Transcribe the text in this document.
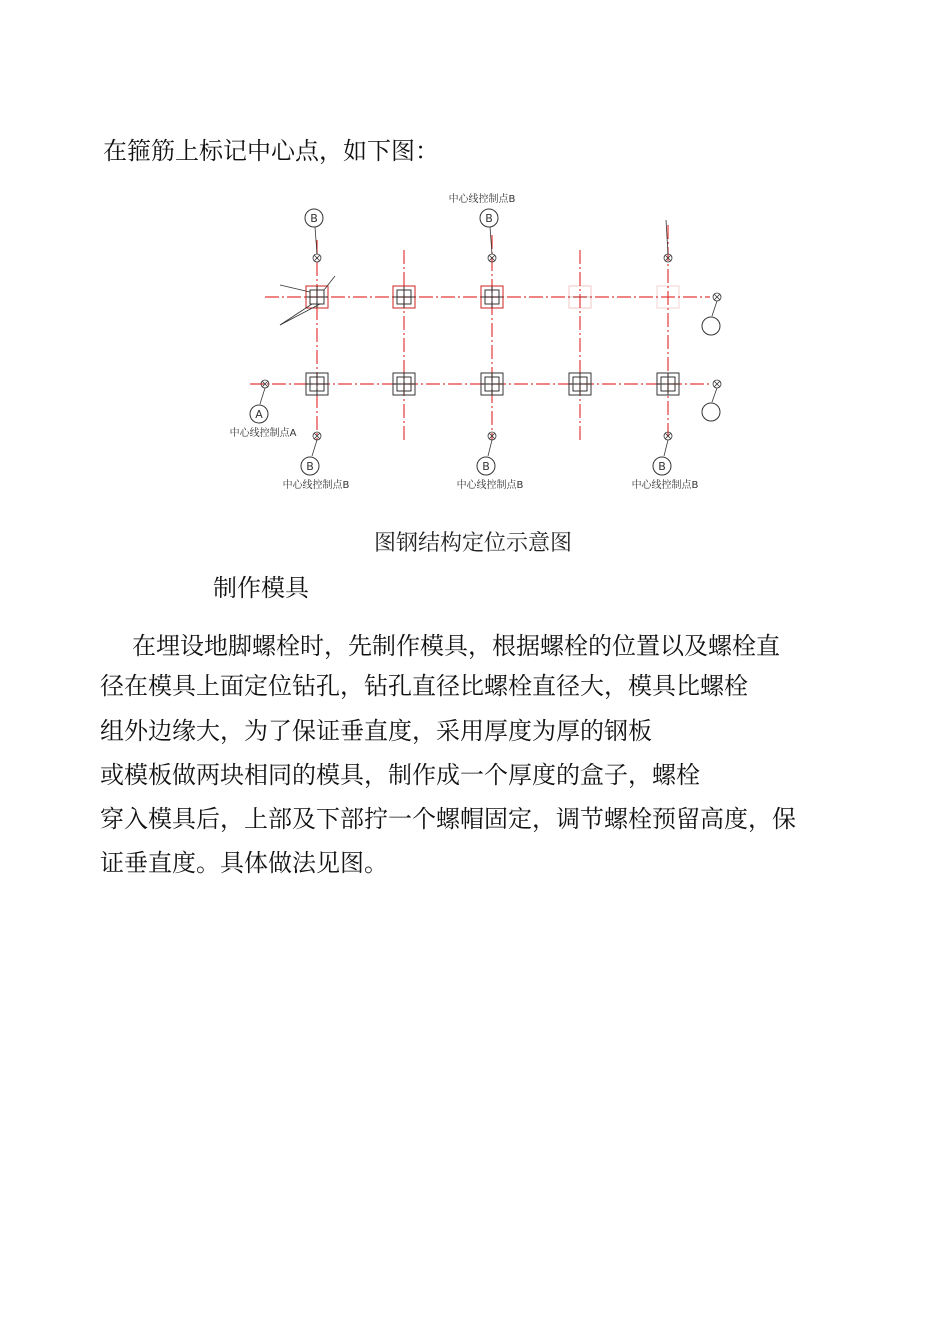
在箍筋上标记中心点，如下图：
B	B
B	B	B
A
中心线控制点B
中心线控制点A
中心线控制点B	中心线控制点B	中心线控制点B
图钢结构定位示意图
制作模具
在埋设地脚螺栓时，先制作模具，根据螺栓的位置以及螺栓直
径在模具上面定位钻孔，钻孔直径比螺栓直径大，模具比螺栓
组外边缘大，为了保证垂直度，采用厚度为厚的钢板
或模板做两块相同的模具，制作成一个厚度的盒子，螺栓
穿入模具后，上部及下部拧一个螺帽固定，调节螺栓预留高度，保
证垂直度。具体做法见图。
